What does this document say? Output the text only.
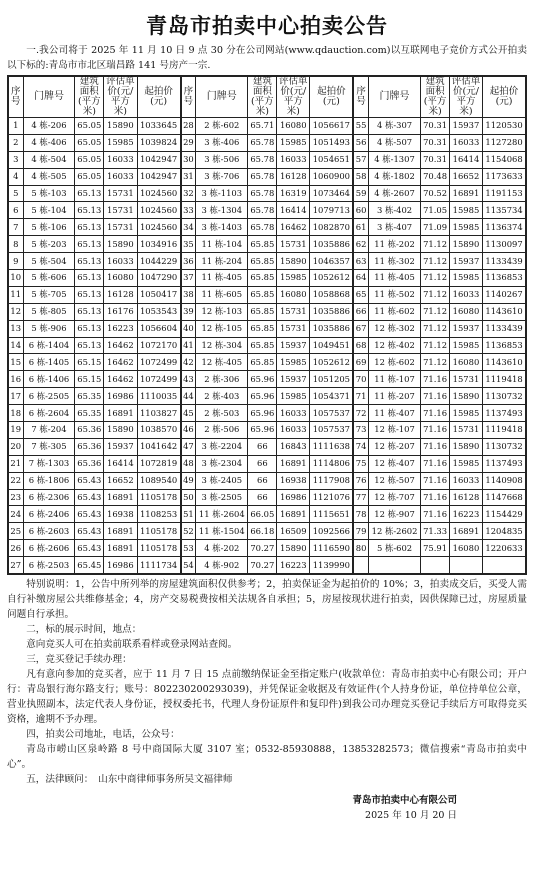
青岛市拍卖中心拍卖公告
一.我公司将于 2025 年 11 月 10 日 9 点 30 分在公司网站(www.qdauction.com)以互联网电子竞价方式公开拍卖以下标的:青岛市市北区瑞昌路 141 号房产一宗.
序号	门牌号	建筑面积(平方米)	评估单价(元/平方米)	起拍价(元)
1	4 栋-206	65.05	15890	1033645
2	4 栋-406	65.05	15985	1039824
3	4 栋-504	65.05	16033	1042947
4	4 栋-505	65.05	16033	1042947
5	5 栋-103	65.13	15731	1024560
6	5 栋-104	65.13	15731	1024560
7	5 栋-106	65.13	15731	1024560
8	5 栋-203	65.13	15890	1034916
9	5 栋-504	65.13	16033	1044229
10	5 栋-606	65.13	16080	1047290
11	5 栋-705	65.13	16128	1050417
12	5 栋-805	65.13	16176	1053543
13	5 栋-906	65.13	16223	1056604
14	6 栋-1404	65.13	16462	1072170
15	6 栋-1405	65.15	16462	1072499
16	6 栋-1406	65.15	16462	1072499
17	6 栋-2505	65.35	16986	1110035
18	6 栋-2604	65.35	16891	1103827
19	7 栋-204	65.36	15890	1038570
20	7 栋-305	65.36	15937	1041642
21	7 栋-1303	65.36	16414	1072819
22	6 栋-1806	65.43	16652	1089540
23	6 栋-2306	65.43	16891	1105178
24	6 栋-2406	65.43	16938	1108253
25	6 栋-2603	65.43	16891	1105178
26	6 栋-2606	65.43	16891	1105178
27	6 栋-2503	65.45	16986	1111734
序号	门牌号	建筑面积(平方米)	评估单价(元/平方米)	起拍价(元)
28	2 栋-602	65.71	16080	1056617
29	3 栋-406	65.78	15985	1051493
30	3 栋-506	65.78	16033	1054651
31	3 栋-706	65.78	16128	1060900
32	3 栋-1103	65.78	16319	1073464
33	3 栋-1304	65.78	16414	1079713
34	3 栋-1403	65.78	16462	1082870
35	11 栋-104	65.85	15731	1035886
36	11 栋-204	65.85	15890	1046357
37	11 栋-405	65.85	15985	1052612
38	11 栋-605	65.85	16080	1058868
39	12 栋-103	65.85	15731	1035886
40	12 栋-105	65.85	15731	1035886
41	12 栋-304	65.85	15937	1049451
42	12 栋-405	65.85	15985	1052612
43	2 栋-306	65.96	15937	1051205
44	2 栋-403	65.96	15985	1054371
45	2 栋-503	65.96	16033	1057537
46	2 栋-506	65.96	16033	1057537
47	3 栋-2204	66	16843	1111638
48	3 栋-2304	66	16891	1114806
49	3 栋-2405	66	16938	1117908
50	3 栋-2505	66	16986	1121076
51	11 栋-2604	66.05	16891	1115651
52	11 栋-1504	66.18	16509	1092566
53	4 栋-202	70.27	15890	1116590
54	4 栋-902	70.27	16223	1139990
序号	门牌号	建筑面积(平方米)	评估单价(元/平方米)	起拍价(元)
55	4 栋-307	70.31	15937	1120530
56	4 栋-507	70.31	16033	1127280
57	4 栋-1307	70.31	16414	1154068
58	4 栋-1802	70.48	16652	1173633
59	4 栋-2607	70.52	16891	1191153
60	3 栋-402	71.05	15985	1135734
61	3 栋-407	71.09	15985	1136374
62	11 栋-202	71.12	15890	1130097
63	11 栋-302	71.12	15937	1133439
64	11 栋-405	71.12	15985	1136853
65	11 栋-502	71.12	16033	1140267
66	11 栋-602	71.12	16080	1143610
67	12 栋-302	71.12	15937	1133439
68	12 栋-402	71.12	15985	1136853
69	12 栋-602	71.12	16080	1143610
70	11 栋-107	71.16	15731	1119418
71	11 栋-207	71.16	15890	1130732
72	11 栋-407	71.16	15985	1137493
73	12 栋-107	71.16	15731	1119418
74	12 栋-207	71.16	15890	1130732
75	12 栋-407	71.16	15985	1137493
76	12 栋-507	71.16	16033	1140908
77	12 栋-707	71.16	16128	1147668
78	12 栋-907	71.16	16223	1154429
79	12 栋-2602	71.33	16891	1204835
80	5 栋-602	75.91	16080	1220633

特别说明：1，公告中所列举的房屋建筑面积仅供参考；2，拍卖保证金为起拍价的 10%；3，拍卖成交后，买受人需自行补缴房屋公共维修基金；4，房产交易税费按相关法规各自承担；5，房屋按现状进行拍卖，因供保障已过，房屋质量问题自行承担。
二，标的展示时间，地点：
意向竞买人可在拍卖前联系看样或登录网站查阅。
三，竞买登记手续办理：
凡有意向参加的竞买者，应于 11 月 7 日 15 点前缴纳保证金至指定账户(收款单位：青岛市拍卖中心有限公司；开户行：青岛银行海尔路支行；账号：802230200293039)，并凭保证金收据及有效证件(个人持身份证，单位持单位公章，营业执照副本，法定代表人身份证，授权委托书，代理人身份证原件和复印件)到我公司办理竞买登记手续后方可取得竞买资格，逾期不予办理。
四，拍卖公司地址，电话，公众号：
青岛市崂山区泉岭路 8 号中商国际大厦 3107 室；0532-85930888，13853282573；微信搜索“青岛市拍卖中心”。
五，法律顾问：　山东中商律师事务所吴文福律师
青岛市拍卖中心有限公司
2025 年 10 月 20 日
